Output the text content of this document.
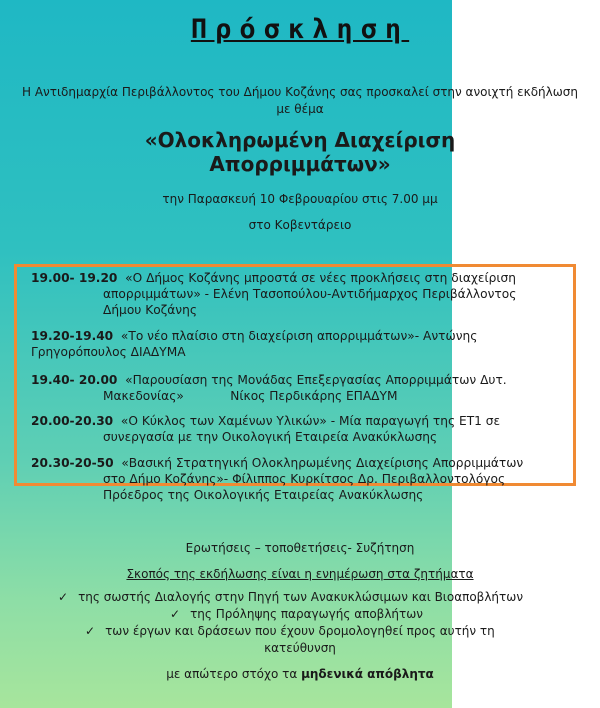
Πρόσκληση
Η Αντιδημαρχία Περιβάλλοντος του Δήμου Κοζάνης σας προσκαλεί στην ανοιχτή εκδήλωση με θέμα
«Ολοκληρωμένη Διαχείριση
Απορριμμάτων»
την Παρασκευή 10 Φεβρουαρίου στις 7.00 μμ
στο Κοβεντάρειο
19.00- 19.20 «Ο Δήμος Κοζάνης μπροστά σε νέες προκλήσεις στη διαχείριση
απορριμμάτων» - Ελένη Τασοπούλου-Αντιδήμαρχος Περιβάλλοντος
Δήμου Κοζάνης
19.20-19.40 «Το νέο πλαίσιο στη διαχείριση απορριμμάτων»- Αντώνης
Γρηγορόπουλος ΔΙΑΔΥΜΑ
19.40- 20.00 «Παρουσίαση της Μονάδας Επεξεργασίας Απορριμμάτων Δυτ.
Μακεδονίας»            Νίκος Περδικάρης ΕΠΑΔΥΜ
20.00-20.30 «Ο Κύκλος των Χαμένων Υλικών» - Μία παραγωγή της ΕΤ1 σε
συνεργασία με την Οικολογική Εταιρεία Ανακύκλωσης
20.30-20-50 «Βασική Στρατηγική Ολοκληρωμένης Διαχείρισης Απορριμμάτων
στο Δήμο Κοζάνης»- Φίλιππος Κυρκίτσος Δρ. Περιβαλλοντολόγος
Πρόεδρος της Οικολογικής Εταιρείας Ανακύκλωσης
Ερωτήσεις – τοποθετήσεις- Συζήτηση
Σκοπός της εκδήλωσης είναι η ενημέρωση στα ζητήματα
✓ της σωστής Διαλογής στην Πηγή των Ανακυκλώσιμων και Βιοαποβλήτων
✓ της Πρόληψης παραγωγής αποβλήτων
✓ των έργων και δράσεων που έχουν δρομολογηθεί προς αυτήν τη
κατεύθυνση
με απώτερο στόχο τα μηδενικά απόβλητα
